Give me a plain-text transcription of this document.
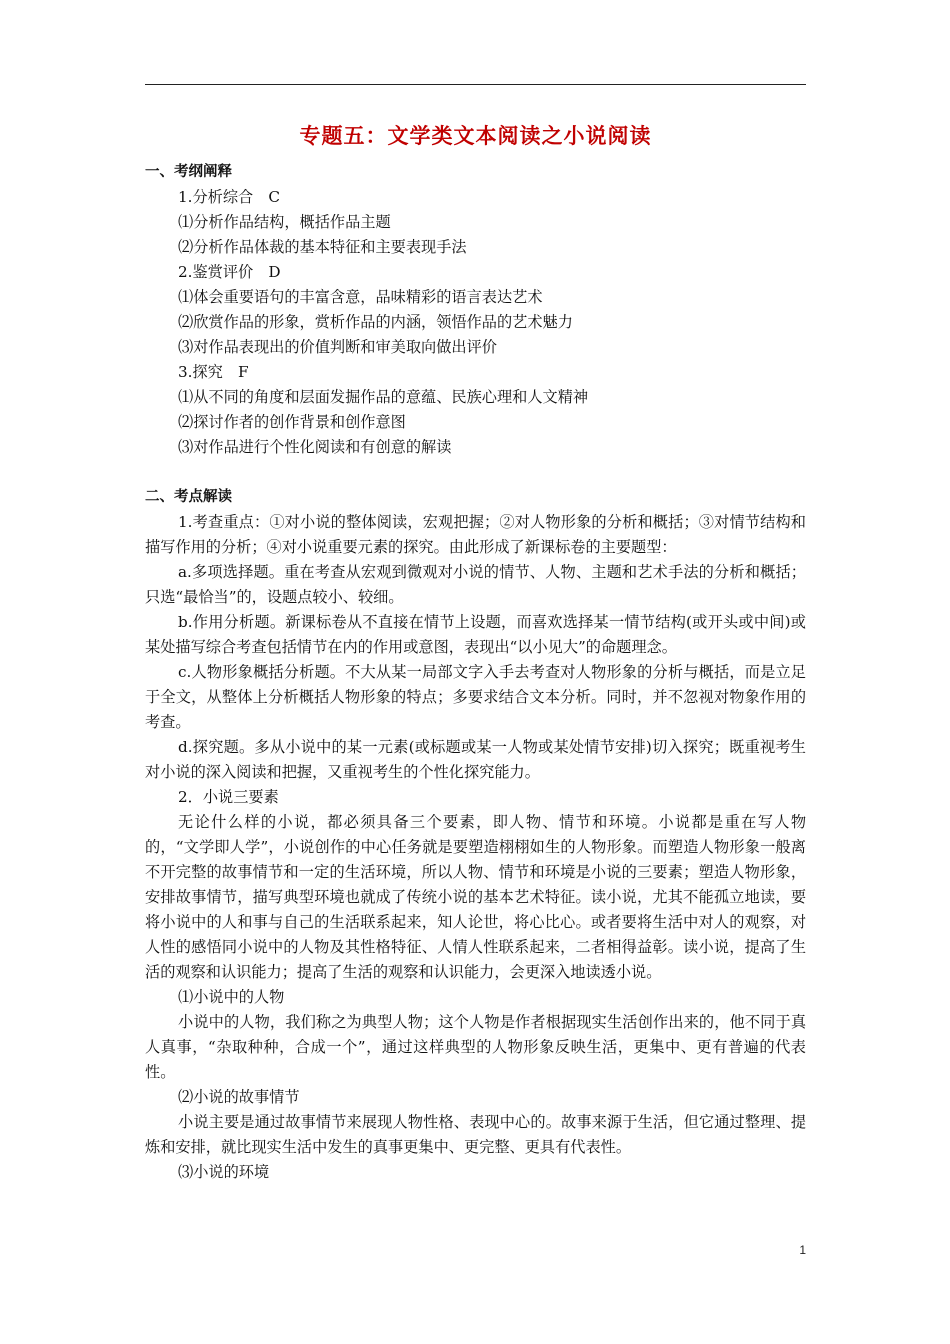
专题五：文学类文本阅读之小说阅读

一、考纲阐释

1.分析综合　C

⑴分析作品结构，概括作品主题

⑵分析作品体裁的基本特征和主要表现手法

2.鉴赏评价　D

⑴体会重要语句的丰富含意，品味精彩的语言表达艺术

⑵欣赏作品的形象，赏析作品的内涵，领悟作品的艺术魅力

⑶对作品表现出的价值判断和审美取向做出评价

3.探究　F

⑴从不同的角度和层面发掘作品的意蕴、民族心理和人文精神

⑵探讨作者的创作背景和创作意图

⑶对作品进行个性化阅读和有创意的解读

二、考点解读

1.考查重点：①对小说的整体阅读，宏观把握；②对人物形象的分析和概括；③对情节结构和描写作用的分析；④对小说重要元素的探究。由此形成了新课标卷的主要题型：

a.多项选择题。重在考查从宏观到微观对小说的情节、人物、主题和艺术手法的分析和概括；只选“最恰当”的，设题点较小、较细。

b.作用分析题。新课标卷从不直接在情节上设题，而喜欢选择某一情节结构(或开头或中间)或某处描写综合考查包括情节在内的作用或意图，表现出“以小见大”的命题理念。

c.人物形象概括分析题。不大从某一局部文字入手去考查对人物形象的分析与概括，而是立足于全文，从整体上分析概括人物形象的特点；多要求结合文本分析。同时，并不忽视对物象作用的考查。

d.探究题。多从小说中的某一元素(或标题或某一人物或某处情节安排)切入探究；既重视考生对小说的深入阅读和把握，又重视考生的个性化探究能力。

2．小说三要素

无论什么样的小说，都必须具备三个要素，即人物、情节和环境。小说都是重在写人物的，“文学即人学”，小说创作的中心任务就是要塑造栩栩如生的人物形象。而塑造人物形象一般离不开完整的故事情节和一定的生活环境，所以人物、情节和环境是小说的三要素；塑造人物形象，安排故事情节，描写典型环境也就成了传统小说的基本艺术特征。读小说，尤其不能孤立地读，要将小说中的人和事与自己的生活联系起来，知人论世，将心比心。或者要将生活中对人的观察，对人性的感悟同小说中的人物及其性格特征、人情人性联系起来，二者相得益彰。读小说，提高了生活的观察和认识能力；提高了生活的观察和认识能力，会更深入地读透小说。

⑴小说中的人物

小说中的人物，我们称之为典型人物；这个人物是作者根据现实生活创作出来的，他不同于真人真事，“杂取种种，合成一个”，通过这样典型的人物形象反映生活，更集中、更有普遍的代表性。

⑵小说的故事情节

小说主要是通过故事情节来展现人物性格、表现中心的。故事来源于生活，但它通过整理、提炼和安排，就比现实生活中发生的真事更集中、更完整、更具有代表性。

⑶小说的环境

1
